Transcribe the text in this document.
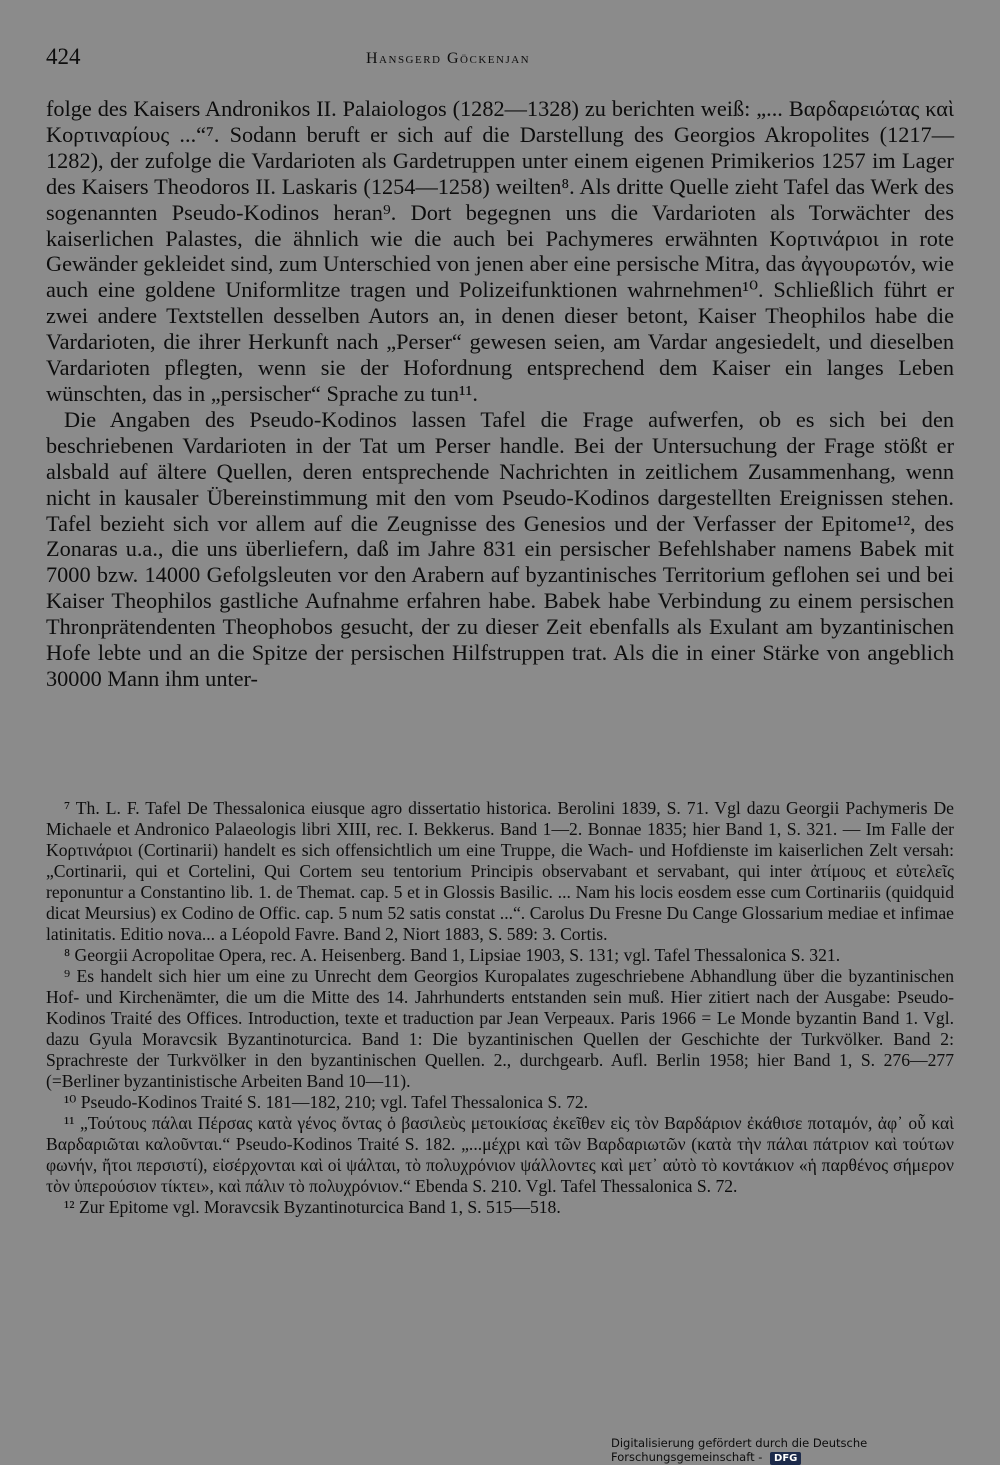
424	Hansgerd Göckenjan

folge des Kaisers Andronikos II. Palaiologos (1282—1328) zu berichten weiß: „... Βαρδαρειώτας καὶ Κορτιναρίους ...“⁷. Sodann beruft er sich auf die Darstellung des Georgios Akropolites (1217—1282), der zufolge die Vardarioten als Gardetruppen unter einem eigenen Primikerios 1257 im Lager des Kaisers Theodoros II. Laskaris (1254—1258) weilten⁸. Als dritte Quelle zieht Tafel das Werk des sogenannten Pseudo-Kodinos heran⁹. Dort begegnen uns die Vardarioten als Torwächter des kaiserlichen Palastes, die ähnlich wie die auch bei Pachymeres erwähnten Κορτινάριοι in rote Gewänder gekleidet sind, zum Unterschied von jenen aber eine persische Mitra, das ἀγγουρωτόν, wie auch eine goldene Uniformlitze tragen und Polizeifunktionen wahrnehmen¹⁰. Schließlich führt er zwei andere Textstellen desselben Autors an, in denen dieser betont, Kaiser Theophilos habe die Vardarioten, die ihrer Herkunft nach „Perser“ gewesen seien, am Vardar angesiedelt, und dieselben Vardarioten pflegten, wenn sie der Hofordnung entsprechend dem Kaiser ein langes Leben wünschten, das in „persischer“ Sprache zu tun¹¹.

Die Angaben des Pseudo-Kodinos lassen Tafel die Frage aufwerfen, ob es sich bei den beschriebenen Vardarioten in der Tat um Perser handle. Bei der Untersuchung der Frage stößt er alsbald auf ältere Quellen, deren entsprechende Nachrichten in zeitlichem Zusammenhang, wenn nicht in kausaler Übereinstimmung mit den vom Pseudo-Kodinos dargestellten Ereignissen stehen. Tafel bezieht sich vor allem auf die Zeugnisse des Genesios und der Verfasser der Epitome¹², des Zonaras u.a., die uns überliefern, daß im Jahre 831 ein persischer Befehlshaber namens Babek mit 7000 bzw. 14000 Gefolgsleuten vor den Arabern auf byzantinisches Territorium geflohen sei und bei Kaiser Theophilos gastliche Aufnahme erfahren habe. Babek habe Verbindung zu einem persischen Thronprätendenten Theophobos gesucht, der zu dieser Zeit ebenfalls als Exulant am byzantinischen Hofe lebte und an die Spitze der persischen Hilfstruppen trat. Als die in einer Stärke von angeblich 30000 Mann ihm unter-

⁷ Th. L. F. Tafel De Thessalonica eiusque agro dissertatio historica. Berolini 1839, S. 71. Vgl dazu Georgii Pachymeris De Michaele et Andronico Palaeologis libri XIII, rec. I. Bekkerus. Band 1—2. Bonnae 1835; hier Band 1, S. 321. — Im Falle der Κορτινάριοι (Cortinarii) handelt es sich offensichtlich um eine Truppe, die Wach- und Hofdienste im kaiserlichen Zelt versah: „Cortinarii, qui et Cortelini, Qui Cortem seu tentorium Principis observabant et servabant, qui inter ἀτίμους et εὐτελεῖς reponuntur a Constantino lib. 1. de Themat. cap. 5 et in Glossis Basilic. ... Nam his locis eosdem esse cum Cortinariis (quidquid dicat Meursius) ex Codino de Offic. cap. 5 num 52 satis constat ...“. Carolus Du Fresne Du Cange Glossarium mediae et infimae latinitatis. Editio nova... a Léopold Favre. Band 2, Niort 1883, S. 589: 3. Cortis.

⁸ Georgii Acropolitae Opera, rec. A. Heisenberg. Band 1, Lipsiae 1903, S. 131; vgl. Tafel Thessalonica S. 321.

⁹ Es handelt sich hier um eine zu Unrecht dem Georgios Kuropalates zugeschriebene Abhandlung über die byzantinischen Hof- und Kirchenämter, die um die Mitte des 14. Jahrhunderts entstanden sein muß. Hier zitiert nach der Ausgabe: Pseudo-Kodinos Traité des Offices. Introduction, texte et traduction par Jean Verpeaux. Paris 1966 = Le Monde byzantin Band 1. Vgl. dazu Gyula Moravcsik Byzantinoturcica. Band 1: Die byzantinischen Quellen der Geschichte der Turkvölker. Band 2: Sprachreste der Turkvölker in den byzantinischen Quellen. 2., durchgearb. Aufl. Berlin 1958; hier Band 1, S. 276—277 (=Berliner byzantinistische Arbeiten Band 10—11).

¹⁰ Pseudo-Kodinos Traité S. 181—182, 210; vgl. Tafel Thessalonica S. 72.

¹¹ „Τούτους πάλαι Πέρσας κατὰ γένος ὄντας ὁ βασιλεὺς μετοικίσας ἐκεῖθεν εἰς τὸν Βαρδάριον ἐκάθισε ποταμόν, ἀφ᾽ οὗ καὶ Βαρδαριῶται καλοῦνται.“ Pseudo-Kodinos Traité S. 182. „...μέχρι καὶ τῶν Βαρδαριωτῶν (κατὰ τὴν πάλαι πάτριον καὶ τούτων φωνήν, ἤτοι περσιστί), εἰσέρχονται καὶ οἱ ψάλται, τὸ πολυχρόνιον ψάλλοντες καὶ μετ᾽ αὐτὸ τὸ κοντάκιον «ἡ παρθένος σήμερον τὸν ὑπερούσιον τίκτει», καὶ πάλιν τὸ πολυχρόνιον.“ Ebenda S. 210. Vgl. Tafel Thessalonica S. 72.

¹² Zur Epitome vgl. Moravcsik Byzantinoturcica Band 1, S. 515—518.

Digitalisierung gefördert durch die Deutsche Forschungsgemeinschaft - DFG
